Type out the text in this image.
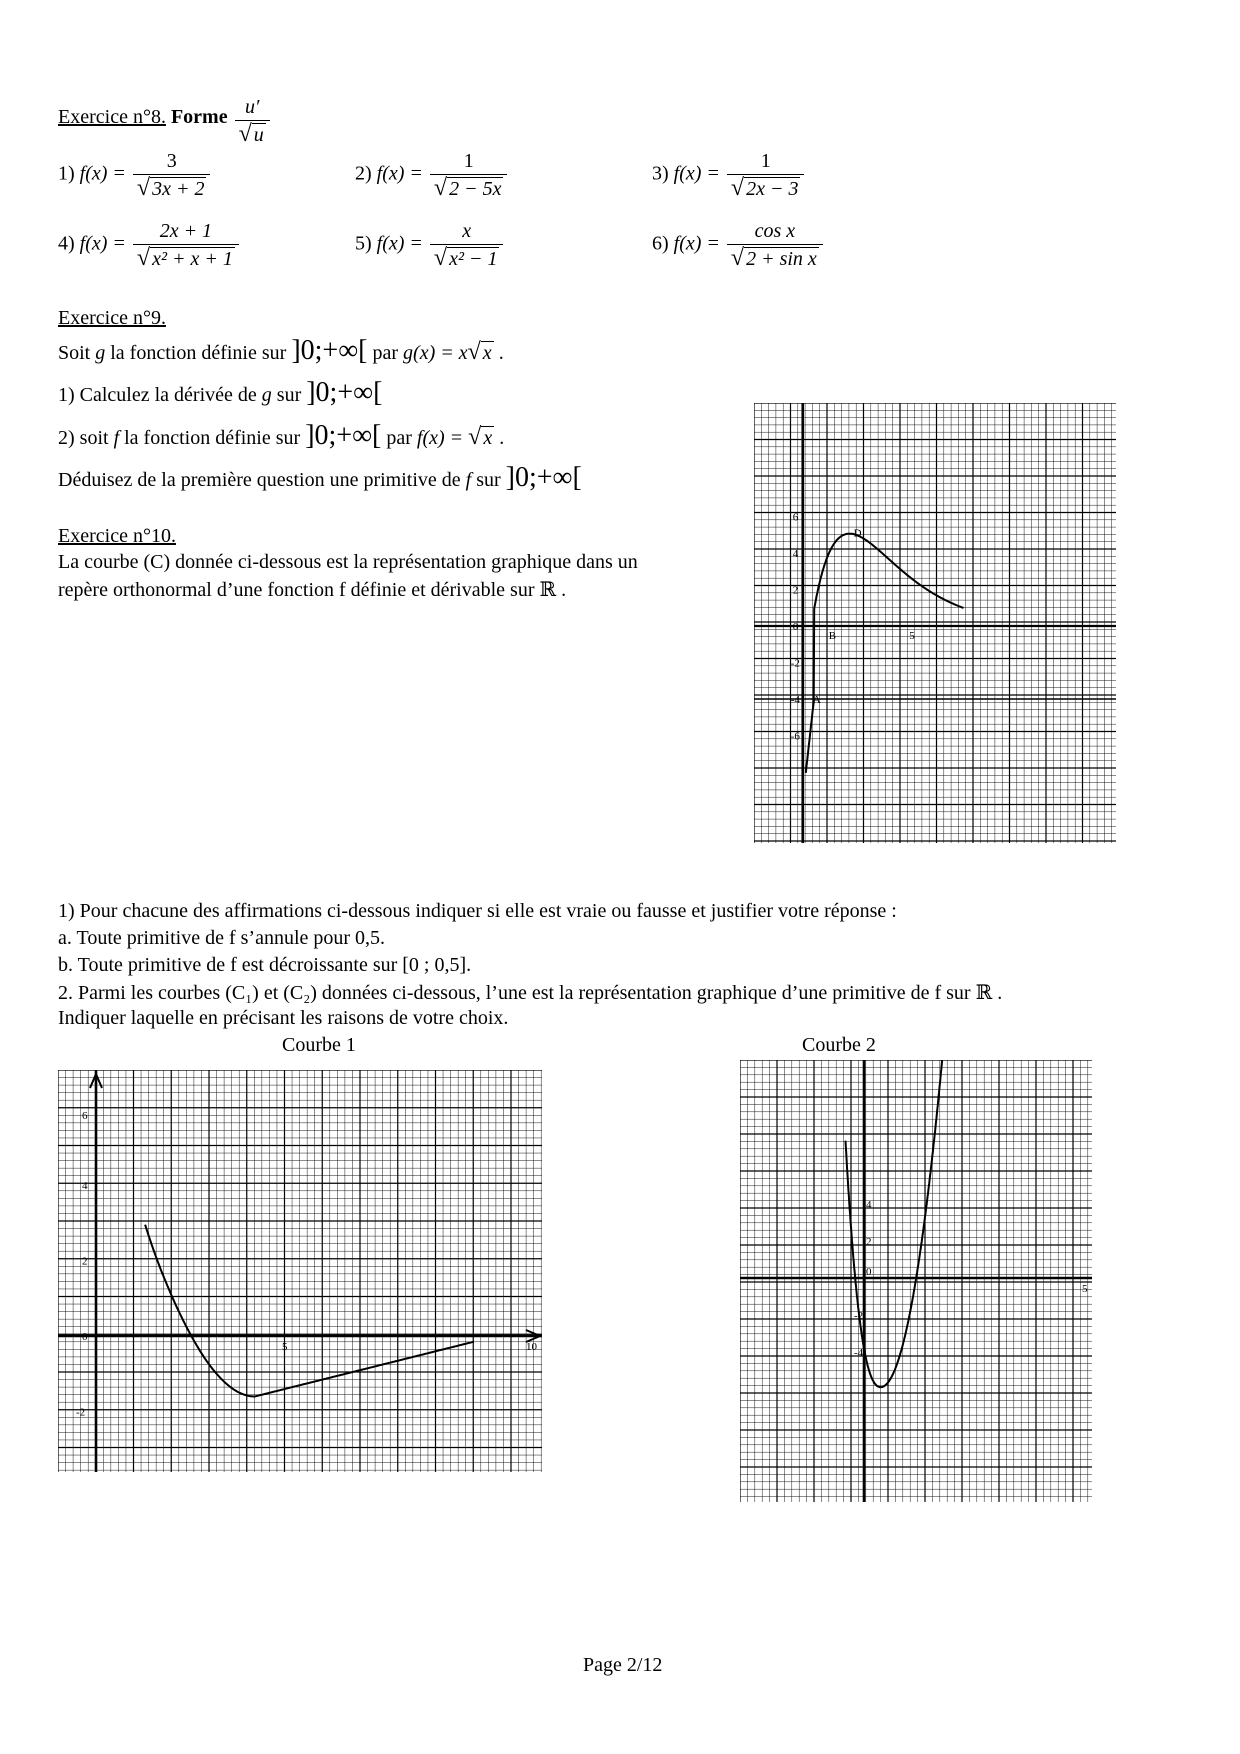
Exercice n°8. Forme $\frac{u'}{√ u}$
1) $f(x) = \frac{3}{√ 3x + 2}$	2) $f(x) = \frac{1}{√ 2 - 5x}$	3) $f(x) = \frac{1}{√ 2x - 3}$
4) $f(x) = \frac{2x + 1}{\text{√ x² + x + 1}}$	5) $f(x) = \frac{x}{\text{√ x² − 1}}$	6) $f(x) = \frac{\text{cos x}}{\text{√ 2 + sin x}}$
Exercice n°9.
Soit g la fonction définie sur ]0;+∞[ par g(x) = x√ x .
1) Calculez la dérivée de g sur ]0;+∞[
2) soit f la fonction définie sur ]0;+∞[ par f(x) = √ x .
Déduisez de la première question une primitive de f sur ]0;+∞[
Exercice n°10.
La courbe (C) donnée ci-dessous est la représentation graphique dans un
repère orthonormal d’une fonction f définie et dérivable sur ℝ .
6
4
2
0
-2
-4
-6
5
A
B
D
1) Pour chacune des affirmations ci-dessous indiquer si elle est vraie ou fausse et justifier votre réponse :
a. Toute primitive de f s’annule pour 0,5.
b. Toute primitive de f est décroissante sur [0 ; 0,5].
2. Parmi les courbes (C₁) et (C₂) données ci-dessous, l’une est la représentation graphique d’une primitive de f sur ℝ .
Indiquer laquelle en précisant les raisons de votre choix.
Courbe 1	Courbe 2
6
4
2
0
-2
5	10
4
2
0
-2
-4
5
Page 2/12
